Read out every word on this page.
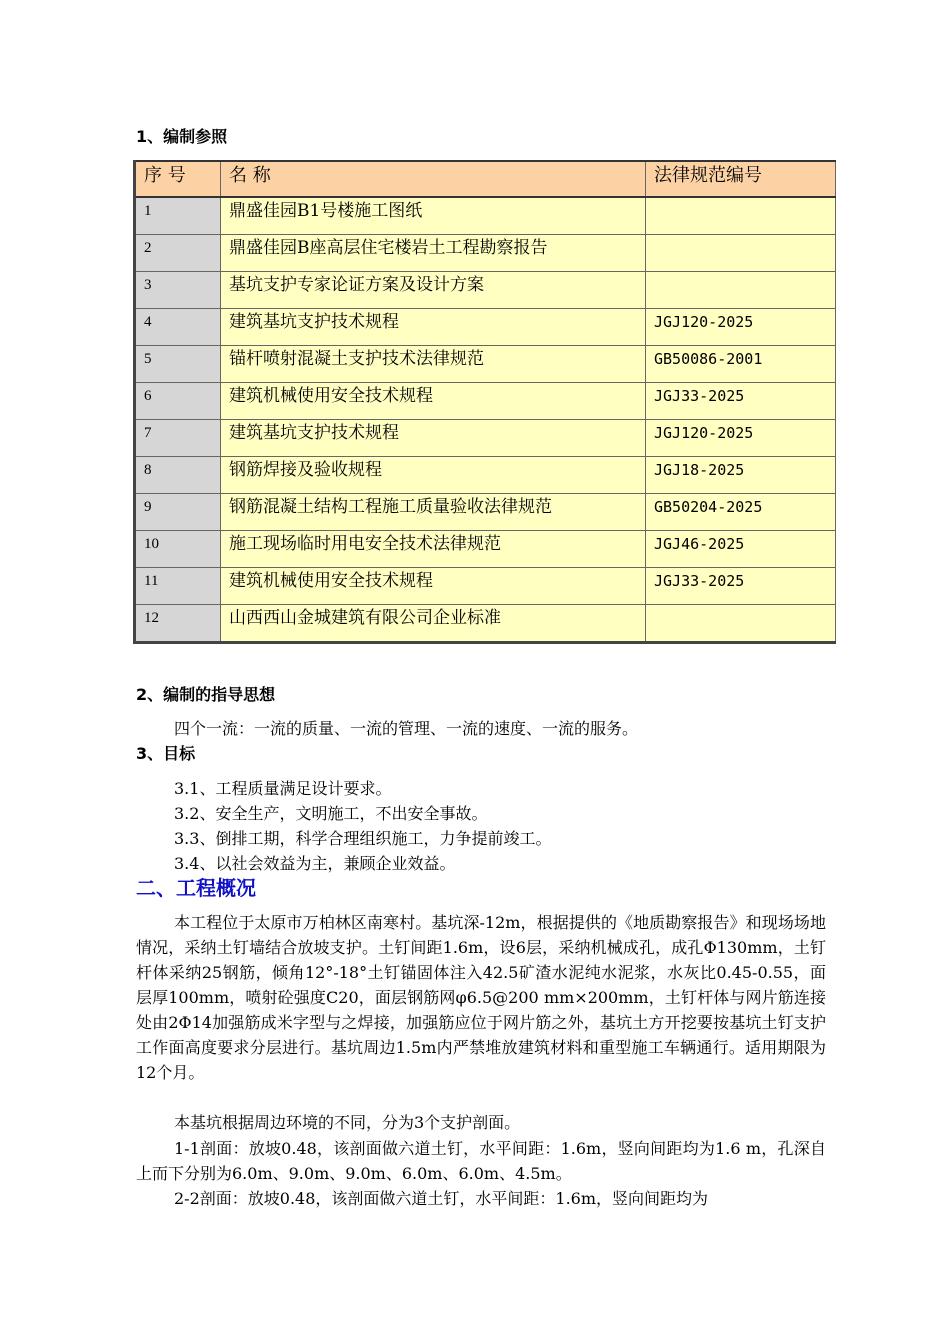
1、编制参照
序 号	名 称	法律规范编号
1	鼎盛佳园B1号楼施工图纸	
2	鼎盛佳园B座高层住宅楼岩土工程勘察报告	
3	基坑支护专家论证方案及设计方案	
4	建筑基坑支护技术规程	JGJ120-2025
5	锚杆喷射混凝土支护技术法律规范	GB50086-2001
6	建筑机械使用安全技术规程	JGJ33-2025
7	建筑基坑支护技术规程	JGJ120-2025
8	钢筋焊接及验收规程	JGJ18-2025
9	钢筋混凝土结构工程施工质量验收法律规范	GB50204-2025
10	施工现场临时用电安全技术法律规范	JGJ46-2025
11	建筑机械使用安全技术规程	JGJ33-2025
12	山西西山金城建筑有限公司企业标准	
2、编制的指导思想

四个一流：一流的质量、一流的管理、一流的速度、一流的服务。

3、目标
3.1、工程质量满足设计要求。
3.2、安全生产，文明施工，不出安全事故。
3.3、倒排工期，科学合理组织施工，力争提前竣工。
3.4、以社会效益为主，兼顾企业效益。
二、工程概况

本工程位于太原市万柏林区南寒村。基坑深-12m，根据提供的《地质勘察报告》和现场场地情况，采纳土钉墙结合放坡支护。土钉间距1.6m，设6层，采纳机械成孔，成孔Φ130mm，土钉杆体采纳25钢筋，倾角12°-18°土钉锚固体注入42.5矿渣水泥纯水泥浆，水灰比0.45-0.55，面层厚100mm，喷射砼强度C20，面层钢筋网φ6.5@200 mm×200mm，土钉杆体与网片筋连接处由2Φ14加强筋成米字型与之焊接，加强筋应位于网片筋之外，基坑土方开挖要按基坑土钉支护工作面高度要求分层进行。基坑周边1.5m内严禁堆放建筑材料和重型施工车辆通行。适用期限为12个月。

本基坑根据周边环境的不同，分为3个支护剖面。

1-1剖面：放坡0.48，该剖面做六道土钉，水平间距：1.6m，竖向间距均为1.6 m，孔深自上而下分别为6.0m、9.0m、9.0m、6.0m、6.0m、4.5m。

2-2剖面：放坡0.48，该剖面做六道土钉，水平间距：1.6m，竖向间距均为
